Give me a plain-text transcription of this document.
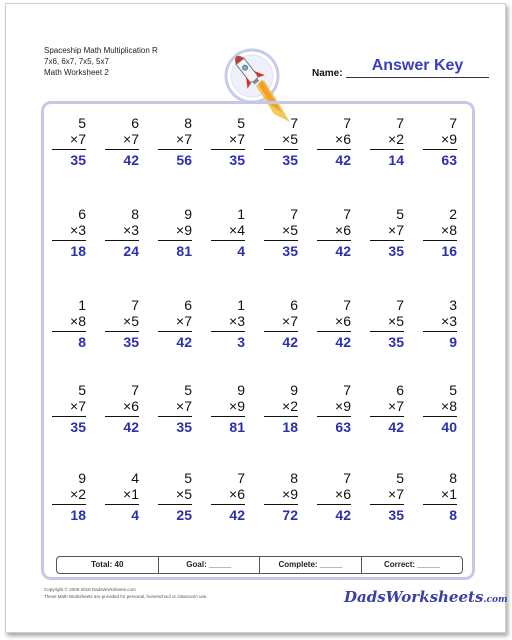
Spaceship Math Multiplication R
7x6, 6x7, 7x5, 5x7
Math Worksheet 2	Name:	Answer Key
5
×7
35
6
×7
42
8
×7
56
5
×7
35
7
×5
35
7
×6
42
7
×2
14
7
×9
63
6
×3
18
8
×3
24
9
×9
81
1
×4
4
7
×5
35
7
×6
42
5
×7
35
2
×8
16
1
×8
8
7
×5
35
6
×7
42
1
×3
3
6
×7
42
7
×6
42
7
×5
35
3
×3
9
5
×7
35
7
×6
42
5
×7
35
9
×9
81
9
×2
18
7
×9
63
6
×7
42
5
×8
40
9
×2
18
4
×1
4
5
×5
25
7
×6
42
8
×9
72
7
×6
42
5
×7
35
8
×1
8
Total: 40	Goal: _____	Complete: _____	Correct: _____
Copyright © 2008-2018 DadsWorksheets.com
These Math Worksheets are provided for personal, homeschool or classroom use.	DadsWorksheets.com
